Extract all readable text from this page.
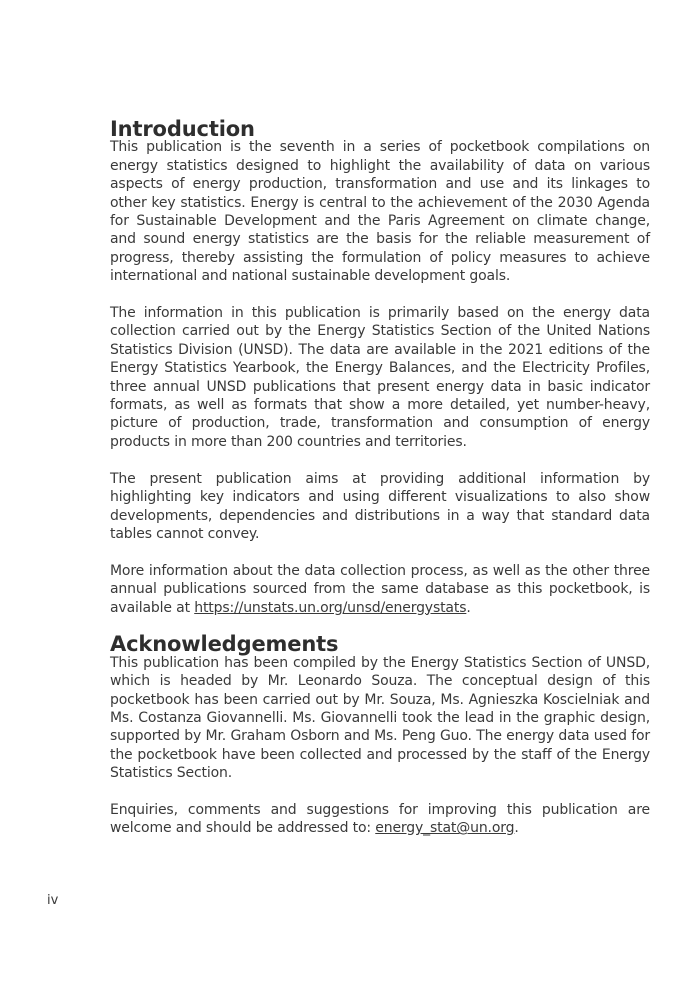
Introduction

This publication is the seventh in a series of pocketbook compilations on energy statistics designed to highlight the availability of data on various aspects of energy production, transformation and use and its linkages to other key statistics. Energy is central to the achievement of the 2030 Agenda for Sustainable Development and the Paris Agreement on climate change, and sound energy statistics are the basis for the reliable measurement of progress, thereby assisting the formulation of policy measures to achieve international and national sustainable development goals.

The information in this publication is primarily based on the energy data collection carried out by the Energy Statistics Section of the United Nations Statistics Division (UNSD). The data are available in the 2021 editions of the Energy Statistics Yearbook, the Energy Balances, and the Electricity Profiles, three annual UNSD publications that present energy data in basic indicator formats, as well as formats that show a more detailed, yet number-heavy, picture of production, trade, transformation and consumption of energy products in more than 200 countries and territories.

The present publication aims at providing additional information by highlighting key indicators and using different visualizations to also show developments, dependencies and distributions in a way that standard data tables cannot convey.

More information about the data collection process, as well as the other three annual publications sourced from the same database as this pocketbook, is available at https://unstats.un.org/unsd/energystats.

Acknowledgements

This publication has been compiled by the Energy Statistics Section of UNSD, which is headed by Mr. Leonardo Souza. The conceptual design of this pocketbook has been carried out by Mr. Souza, Ms. Agnieszka Koscielniak and Ms. Costanza Giovannelli. Ms. Giovannelli took the lead in the graphic design, supported by Mr. Graham Osborn and Ms. Peng Guo. The energy data used for the pocketbook have been collected and processed by the staff of the Energy Statistics Section.

Enquiries, comments and suggestions for improving this publication are welcome and should be addressed to: energy_stat@un.org.

iv
